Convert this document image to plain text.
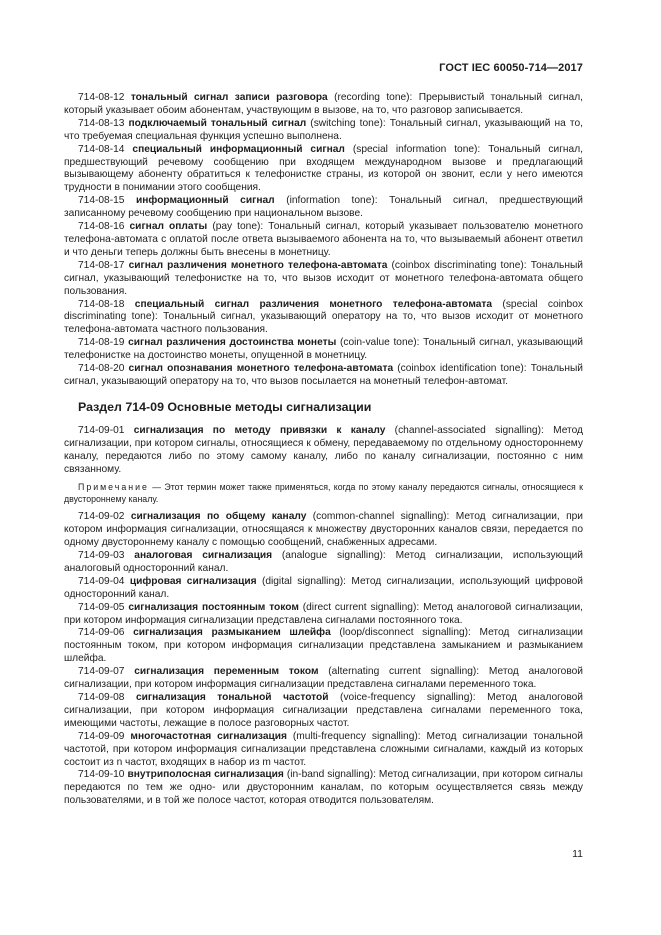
ГОСТ IEC 60050-714—2017

714-08-12 тональный сигнал записи разговора (recording tone): Прерывистый тональный сигнал, который указывает обоим абонентам, участвующим в вызове, на то, что разговор записывается.

714-08-13 подключаемый тональный сигнал (switching tone): Тональный сигнал, указывающий на то, что требуемая специальная функция успешно выполнена.

714-08-14 специальный информационный сигнал (special information tone): Тональный сигнал, предшествующий речевому сообщению при входящем международном вызове и предлагающий вызывающему абоненту обратиться к телефонистке страны, из которой он звонит, если у него имеются трудности в понимании этого сообщения.

714-08-15 информационный сигнал (information tone): Тональный сигнал, предшествующий записанному речевому сообщению при национальном вызове.

714-08-16 сигнал оплаты (pay tone): Тональный сигнал, который указывает пользователю монетного телефона-автомата с оплатой после ответа вызываемого абонента на то, что вызываемый абонент ответил и что деньги теперь должны быть внесены в монетницу.

714-08-17 сигнал различения монетного телефона-автомата (coinbox discriminating tone): Тональный сигнал, указывающий телефонистке на то, что вызов исходит от монетного телефона-автомата общего пользования.

714-08-18 специальный сигнал различения монетного телефона-автомата (special coinbox discriminating tone): Тональный сигнал, указывающий оператору на то, что вызов исходит от монетного телефона-автомата частного пользования.

714-08-19 сигнал различения достоинства монеты (coin-value tone): Тональный сигнал, указывающий телефонистке на достоинство монеты, опущенной в монетницу.

714-08-20 сигнал опознавания монетного телефона-автомата (coinbox identification tone): Тональный сигнал, указывающий оператору на то, что вызов посылается на монетный телефон-автомат.

Раздел 714-09 Основные методы сигнализации

714-09-01 сигнализация по методу привязки к каналу (channel-associated signalling): Метод сигнализации, при котором сигналы, относящиеся к обмену, передаваемому по отдельному одностороннему каналу, передаются либо по этому самому каналу, либо по каналу сигнализации, постоянно с ним связанному.

Примечание — Этот термин может также применяться, когда по этому каналу передаются сигналы, относящиеся к двустороннему каналу.

714-09-02 сигнализация по общему каналу (common-channel signalling): Метод сигнализации, при котором информация сигнализации, относящаяся к множеству двусторонних каналов связи, передается по одному двустороннему каналу с помощью сообщений, снабженных адресами.

714-09-03 аналоговая сигнализация (analogue signalling): Метод сигнализации, использующий аналоговый односторонний канал.

714-09-04 цифровая сигнализация (digital signalling): Метод сигнализации, использующий цифровой односторонний канал.

714-09-05 сигнализация постоянным током (direct current signalling): Метод аналоговой сигнализации, при котором информация сигнализации представлена сигналами постоянного тока.

714-09-06 сигнализация размыканием шлейфа (loop/disconnect signalling): Метод сигнализации постоянным током, при котором информация сигнализации представлена замыканием и размыканием шлейфа.

714-09-07 сигнализация переменным током (alternating current signalling): Метод аналоговой сигнализации, при котором информация сигнализации представлена сигналами переменного тока.

714-09-08 сигнализация тональной частотой (voice-frequency signalling): Метод аналоговой сигнализации, при котором информация сигнализации представлена сигналами переменного тока, имеющими частоты, лежащие в полосе разговорных частот.

714-09-09 многочастотная сигнализация (multi-frequency signalling): Метод сигнализации тональной частотой, при котором информация сигнализации представлена сложными сигналами, каждый из которых состоит из n частот, входящих в набор из m частот.

714-09-10 внутриполосная сигнализация (in-band signalling): Метод сигнализации, при котором сигналы передаются по тем же одно- или двусторонним каналам, по которым осуществляется связь между пользователями, и в той же полосе частот, которая отводится пользователям.

11
